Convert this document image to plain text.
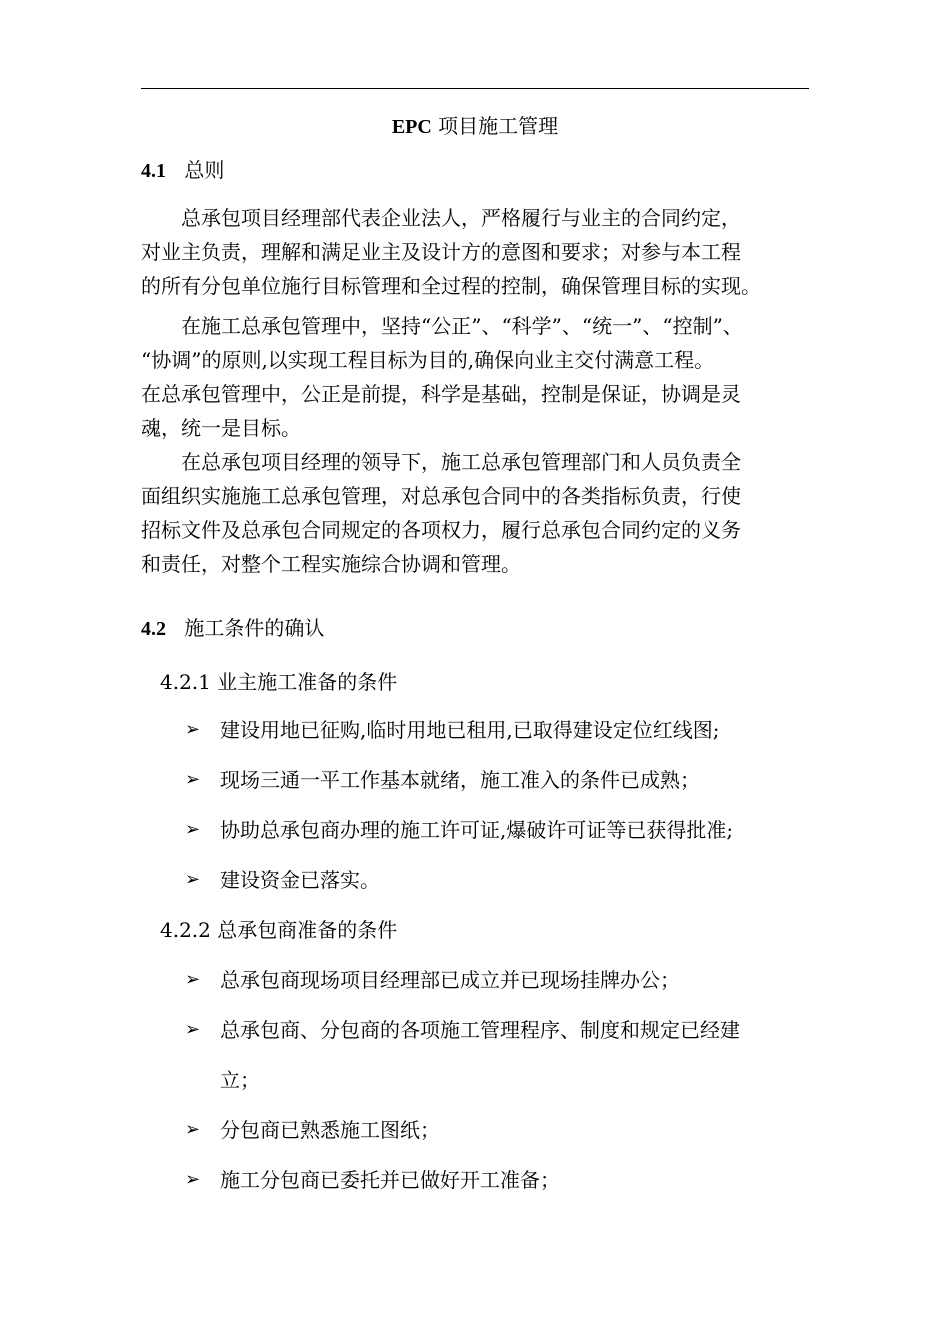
EPC 项目施工管理
4.1 总则
　　总承包项目经理部代表企业法人，严格履行与业主的合同约定，
对业主负责，理解和满足业主及设计方的意图和要求；对参与本工程
的所有分包单位施行目标管理和全过程的控制，确保管理目标的实现。
　　在施工总承包管理中，坚持“公正”、“科学”、“统一”、“控制”、
“协调”的原则,以实现工程目标为目的,确保向业主交付满意工程。
在总承包管理中，公正是前提，科学是基础，控制是保证，协调是灵
魂，统一是目标。
　　在总承包项目经理的领导下，施工总承包管理部门和人员负责全
面组织实施施工总承包管理，对总承包合同中的各类指标负责，行使
招标文件及总承包合同规定的各项权力，履行总承包合同约定的义务
和责任，对整个工程实施综合协调和管理。
4.2 施工条件的确认
4.2.1 业主施工准备的条件
➢ 建设用地已征购,临时用地已租用,已取得建设定位红线图;
➢ 现场三通一平工作基本就绪，施工准入的条件已成熟；
➢ 协助总承包商办理的施工许可证,爆破许可证等已获得批准;
➢ 建设资金已落实。
4.2.2 总承包商准备的条件
➢ 总承包商现场项目经理部已成立并已现场挂牌办公；
➢ 总承包商、分包商的各项施工管理程序、制度和规定已经建
立；
➢ 分包商已熟悉施工图纸；
➢ 施工分包商已委托并已做好开工准备；
